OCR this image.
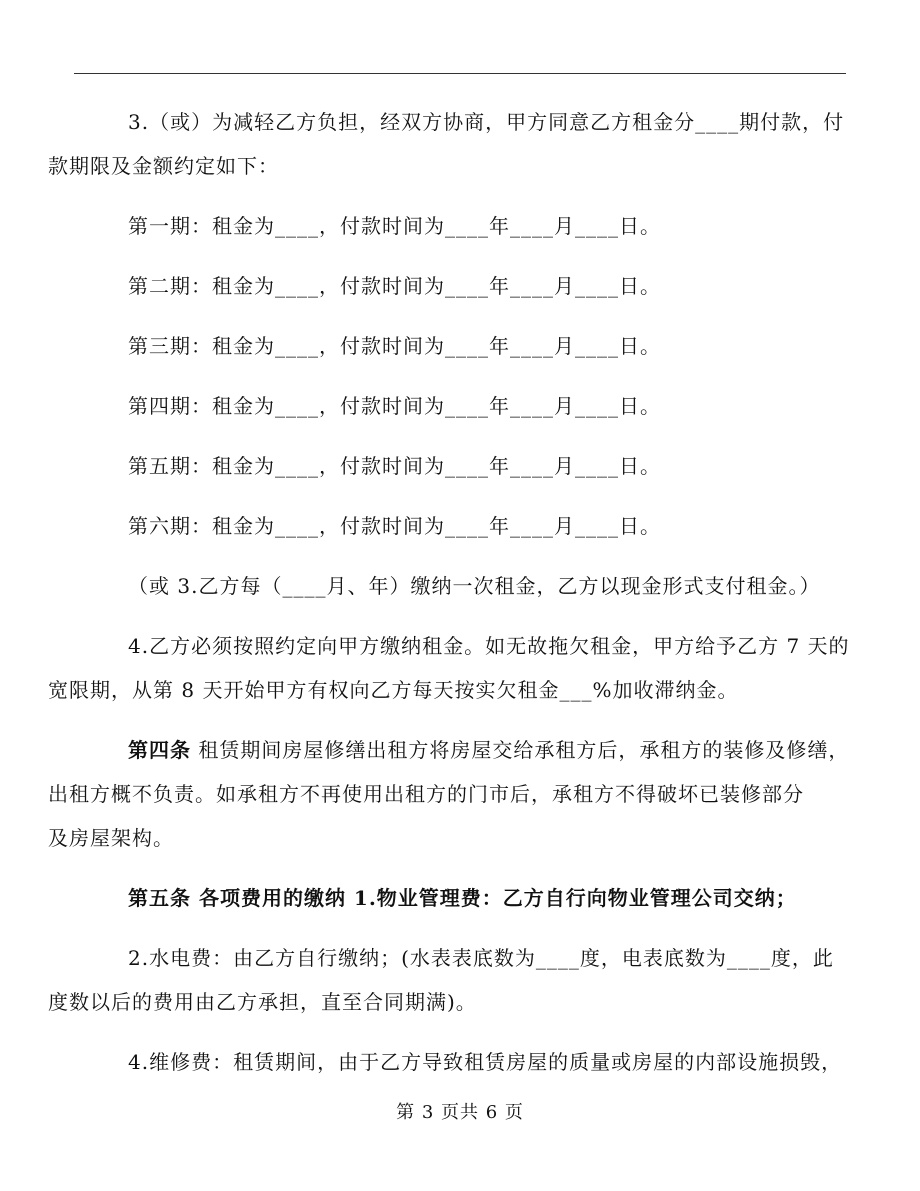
3.（或）为减轻乙方负担，经双方协商，甲方同意乙方租金分____期付款，付
款期限及金额约定如下：

第一期：租金为____，付款时间为____年____月____日。

第二期：租金为____，付款时间为____年____月____日。

第三期：租金为____，付款时间为____年____月____日。

第四期：租金为____，付款时间为____年____月____日。

第五期：租金为____，付款时间为____年____月____日。

第六期：租金为____，付款时间为____年____月____日。

（或 3.乙方每（____月、年）缴纳一次租金，乙方以现金形式支付租金。）

4.乙方必须按照约定向甲方缴纳租金。如无故拖欠租金，甲方给予乙方 7 天的
宽限期，从第 8 天开始甲方有权向乙方每天按实欠租金___%加收滞纳金。

第四条 租赁期间房屋修缮出租方将房屋交给承租方后，承租方的装修及修缮，
出租方概不负责。如承租方不再使用出租方的门市后，承租方不得破坏已装修部分
及房屋架构。

第五条 各项费用的缴纳 1.物业管理费：乙方自行向物业管理公司交纳；

2.水电费：由乙方自行缴纳；(水表表底数为____度，电表底数为____度，此
度数以后的费用由乙方承担，直至合同期满)。

4.维修费：租赁期间，由于乙方导致租赁房屋的质量或房屋的内部设施损毁，

第 3 页共 6 页
